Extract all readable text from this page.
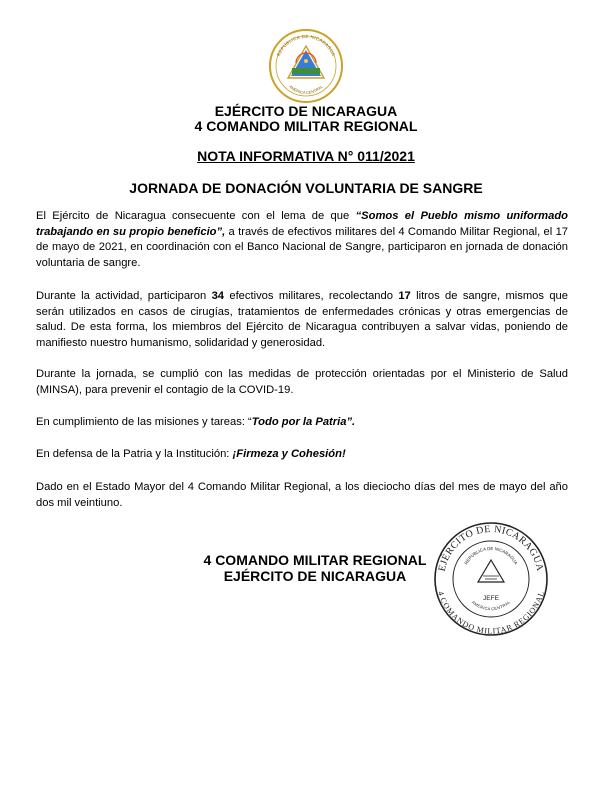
REPÚBLICA DE NICARAGUA
AMÉRICA CENTRAL
EJÉRCITO DE NICARAGUA
4 COMANDO MILITAR REGIONAL
NOTA INFORMATIVA N° 011/2021
JORNADA DE DONACIÓN VOLUNTARIA DE SANGRE

El Ejército de Nicaragua consecuente con el lema de que “Somos el Pueblo mismo uniformado trabajando en su propio beneficio”, a través de efectivos militares del 4 Comando Militar Regional, el 17 de mayo de 2021, en coordinación con el Banco Nacional de Sangre, participaron en jornada de donación voluntaria de sangre.

Durante la actividad, participaron 34 efectivos militares, recolectando 17 litros de sangre, mismos que serán utilizados en casos de cirugías, tratamientos de enfermedades crónicas y otras emergencias de salud. De esta forma, los miembros del Ejército de Nicaragua contribuyen a salvar vidas, poniendo de manifiesto nuestro humanismo, solidaridad y generosidad.

Durante la jornada, se cumplió con las medidas de protección orientadas por el Ministerio de Salud (MINSA), para prevenir el contagio de la COVID-19.

En cumplimiento de las misiones y tareas: “Todo por la Patria”.

En defensa de la Patria y la Institución: ¡Firmeza y Cohesión!

Dado en el Estado Mayor del 4 Comando Militar Regional, a los dieciocho días del mes de mayo del año dos mil veintiuno.

4 COMANDO MILITAR REGIONAL
EJÉRCITO DE NICARAGUA
EJÉRCITO DE NICARAGUA
4 COMANDO MILITAR REGIONAL
REPÚBLICA DE NICARAGUA
AMÉRICA CENTRAL
JEFE
